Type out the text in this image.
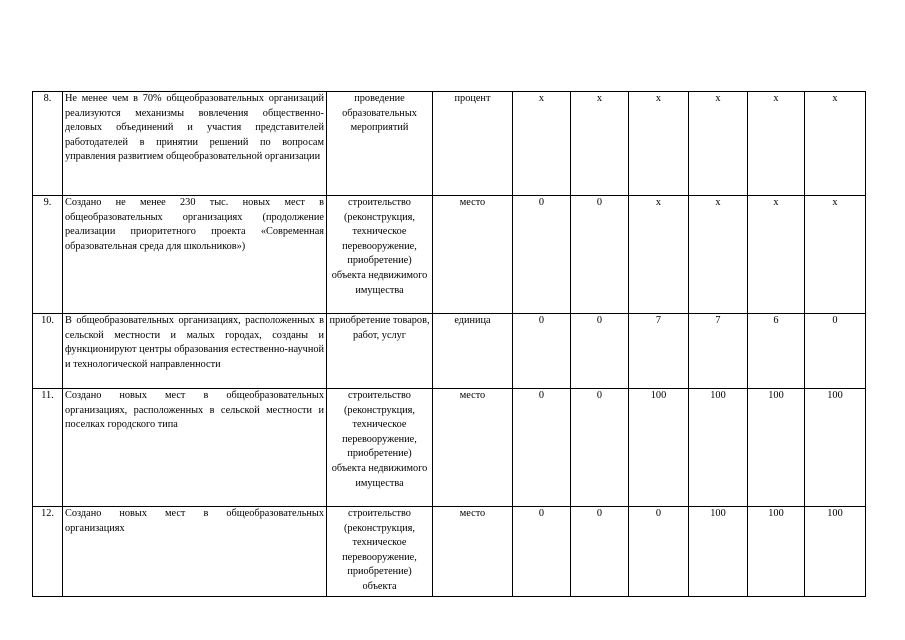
8.	Не менее чем в 70% общеобразовательных организаций реализуются механизмы вовлечения общественно-деловых объединений и участия представителей работодателей в принятии решений по вопросам управления развитием общеобразовательной организации	проведение образовательных мероприятий	процент	х	х	х	х	х	х
9.	Создано не менее 230 тыс. новых мест в общеобразовательных организациях (продолжение реализации приоритетного проекта «Современная образовательная среда для школьников»)	строительство (реконструкция, техническое перевооружение, приобретение) объекта недвижимого имущества	место	0	0	х	х	х	х
10.	В общеобразовательных организациях, расположенных в сельской местности и малых городах, созданы и функционируют центры образования естественно-научной и технологической направленности	приобретение товаров, работ, услуг	единица	0	0	7	7	6	0
11.	Создано новых мест в общеобразовательных организациях, расположенных в сельской местности и поселках городского типа	строительство (реконструкция, техническое перевооружение, приобретение) объекта недвижимого имущества	место	0	0	100	100	100	100
12.	Создано новых мест в общеобразовательных организациях	строительство (реконструкция, техническое перевооружение, приобретение) объекта	место	0	0	0	100	100	100
